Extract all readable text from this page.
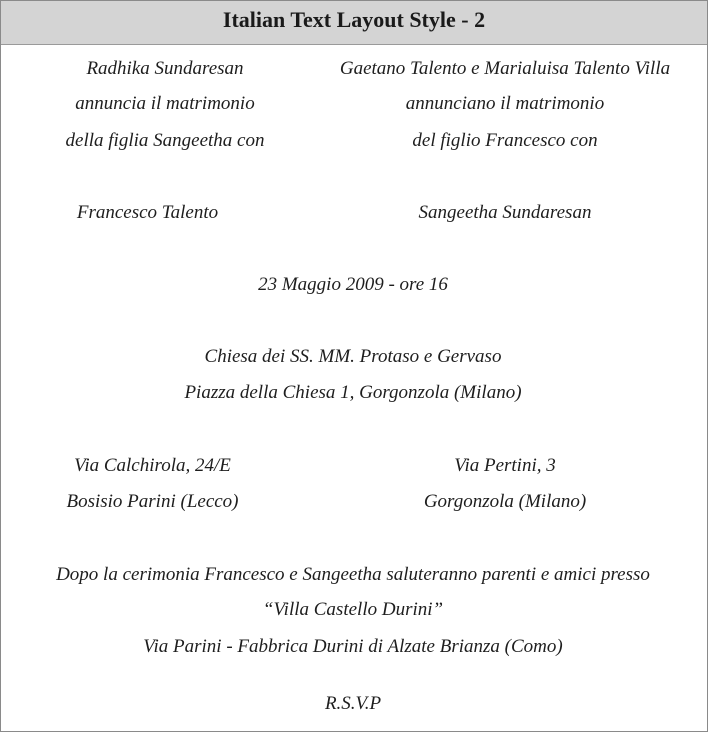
Italian Text Layout Style - 2
Radhika Sundaresan
annuncia il matrimonio
della figlia Sangeetha con
Gaetano Talento e Marialuisa Talento Villa
annunciano il matrimonio
del figlio Francesco con
Francesco Talento	Sangeetha Sundaresan
23 Maggio 2009 - ore 16
Chiesa dei SS. MM. Protaso e Gervaso
Piazza della Chiesa 1, Gorgonzola (Milano)
Via Calchirola, 24/E
Bosisio Parini (Lecco)
Via Pertini, 3
Gorgonzola (Milano)
Dopo la cerimonia Francesco e Sangeetha saluteranno parenti e amici presso
“Villa Castello Durini”
Via Parini - Fabbrica Durini di Alzate Brianza (Como)
R.S.V.P
